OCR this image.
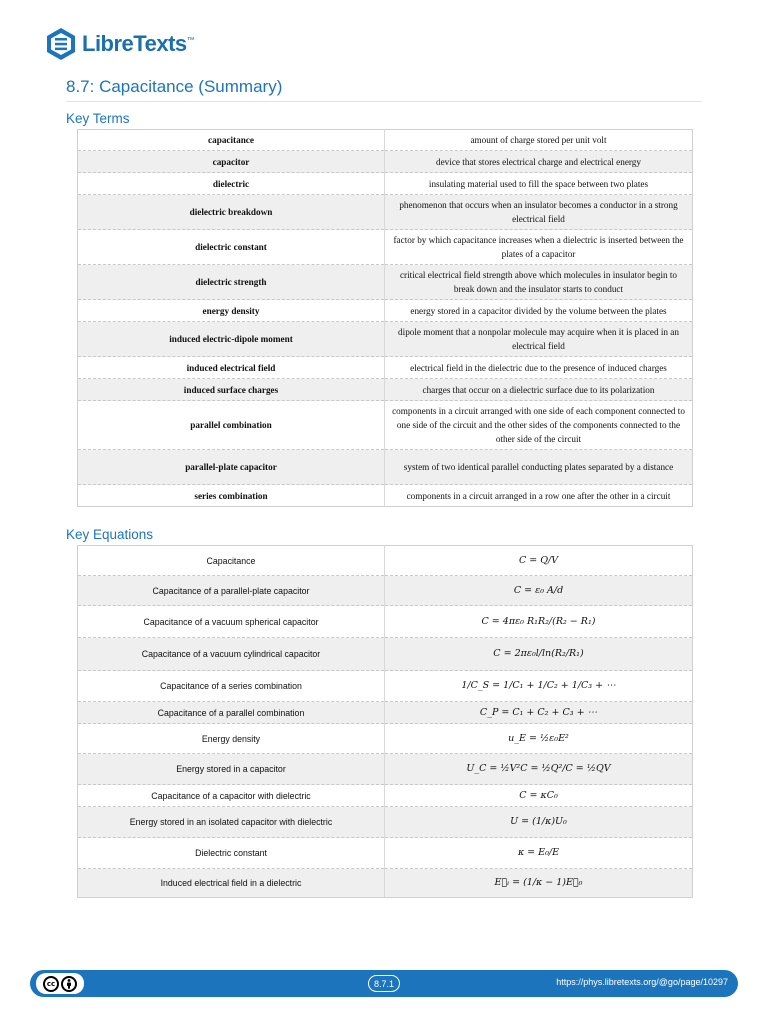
LibreTexts™
8.7: Capacitance (Summary)
Key Terms
capacitance	amount of charge stored per unit volt
capacitor	device that stores electrical charge and electrical energy
dielectric	insulating material used to fill the space between two plates
dielectric breakdown	phenomenon that occurs when an insulator becomes a conductor in a strong electrical field
dielectric constant	factor by which capacitance increases when a dielectric is inserted between the plates of a capacitor
dielectric strength	critical electrical field strength above which molecules in insulator begin to break down and the insulator starts to conduct
energy density	energy stored in a capacitor divided by the volume between the plates
induced electric-dipole moment	dipole moment that a nonpolar molecule may acquire when it is placed in an electrical field
induced electrical field	electrical field in the dielectric due to the presence of induced charges
induced surface charges	charges that occur on a dielectric surface due to its polarization
parallel combination	components in a circuit arranged with one side of each component connected to one side of the circuit and the other sides of the components connected to the other side of the circuit
parallel-plate capacitor	system of two identical parallel conducting plates separated by a distance
series combination	components in a circuit arranged in a row one after the other in a circuit
Key Equations
Capacitance	C = Q/V
Capacitance of a parallel-plate capacitor	C = ε₀ A/d
Capacitance of a vacuum spherical capacitor	C = 4πε₀ R₁R₂/(R₂ − R₁)
Capacitance of a vacuum cylindrical capacitor	C = 2πε₀l/ln(R₂/R₁)
Capacitance of a series combination	1/C_S = 1/C₁ + 1/C₂ + 1/C₃ + ⋯
Capacitance of a parallel combination	C_P = C₁ + C₂ + C₃ + ⋯
Energy density	u_E = ½ε₀E²
Energy stored in a capacitor	U_C = ½V²C = ½Q²/C = ½QV
Capacitance of a capacitor with dielectric	C = κC₀
Energy stored in an isolated capacitor with dielectric	U = (1/κ)U₀
Dielectric constant	κ = E₀/E
Induced electrical field in a dielectric	E⃗ᵢ = (1/κ − 1)E⃗₀
cc	8.7.1	https://phys.libretexts.org/@go/page/10297
